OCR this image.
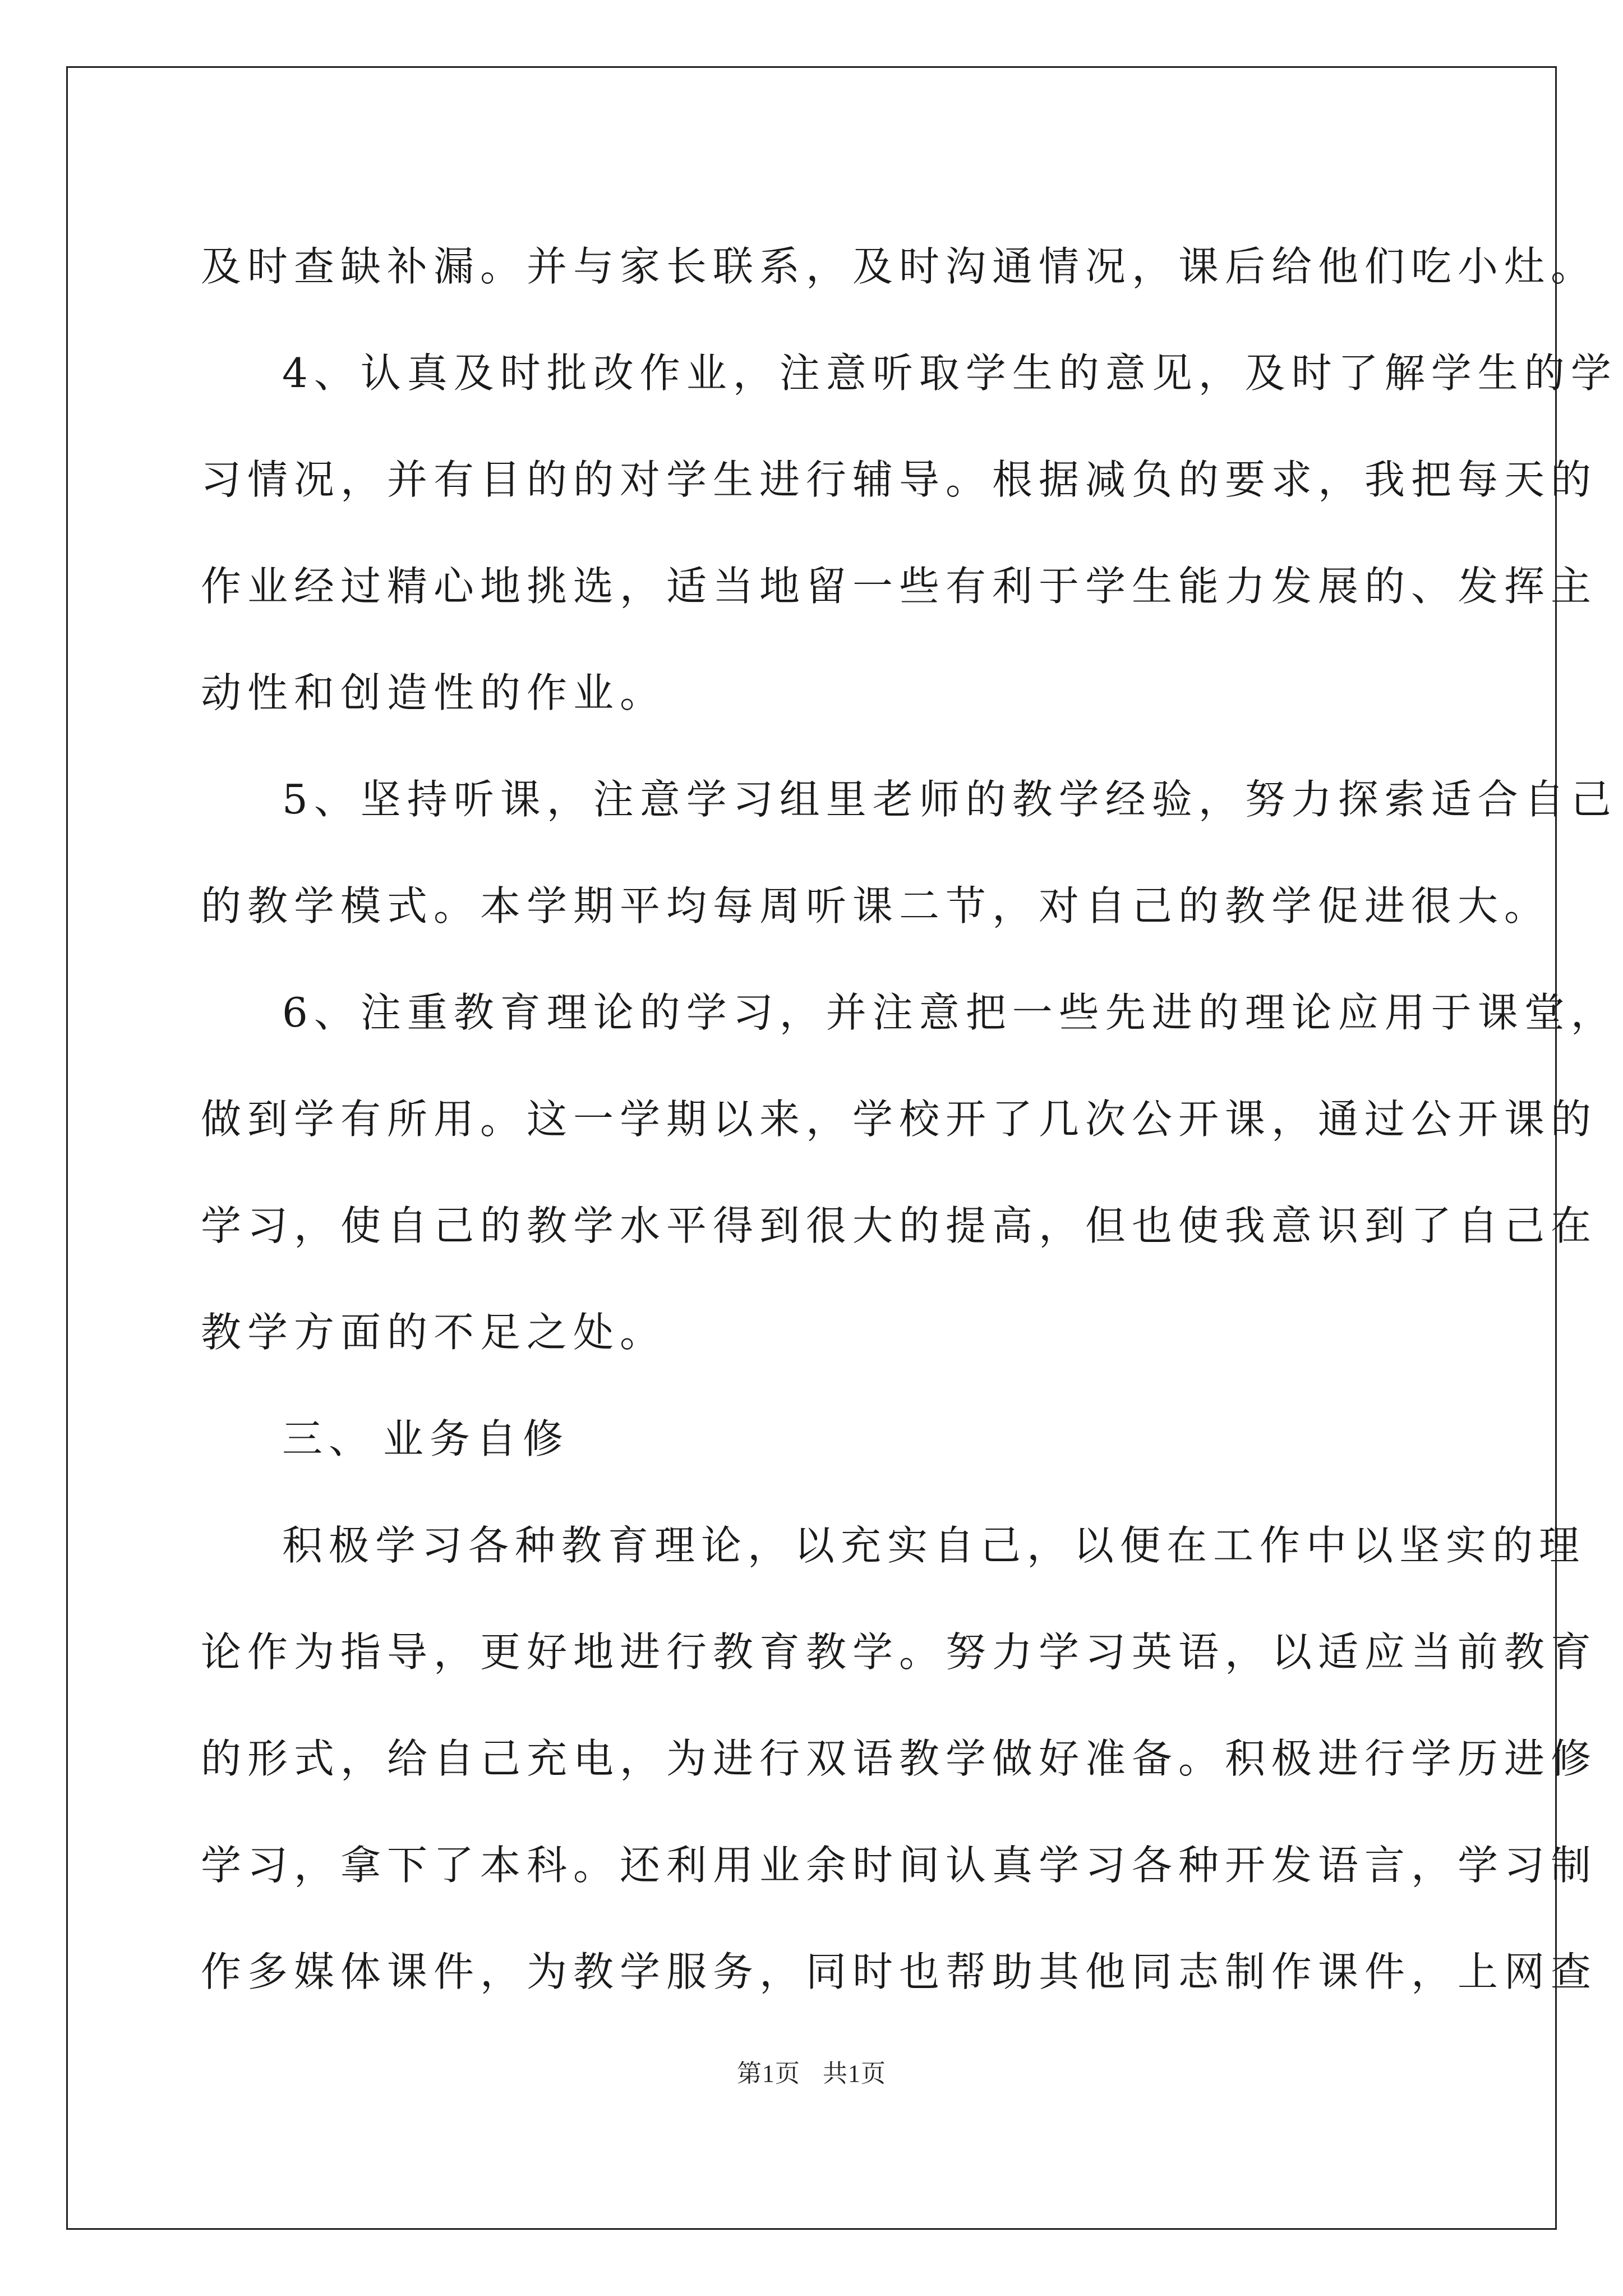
及时查缺补漏。并与家长联系，及时沟通情况，课后给他们吃小灶。

4、认真及时批改作业，注意听取学生的意见，及时了解学生的学

习情况，并有目的的对学生进行辅导。根据减负的要求，我把每天的

作业经过精心地挑选，适当地留一些有利于学生能力发展的、发挥主

动性和创造性的作业。

5、坚持听课，注意学习组里老师的教学经验，努力探索适合自己

的教学模式。本学期平均每周听课二节，对自己的教学促进很大。

6、注重教育理论的学习，并注意把一些先进的理论应用于课堂，

做到学有所用。这一学期以来，学校开了几次公开课，通过公开课的

学习，使自己的教学水平得到很大的提高，但也使我意识到了自己在

教学方面的不足之处。

三、 业务自修

积极学习各种教育理论，以充实自己，以便在工作中以坚实的理

论作为指导，更好地进行教育教学。努力学习英语，以适应当前教育

的形式，给自己充电，为进行双语教学做好准备。积极进行学历进修

学习，拿下了本科。还利用业余时间认真学习各种开发语言，学习制

作多媒体课件，为教学服务，同时也帮助其他同志制作课件，上网查

第1页 共1页
